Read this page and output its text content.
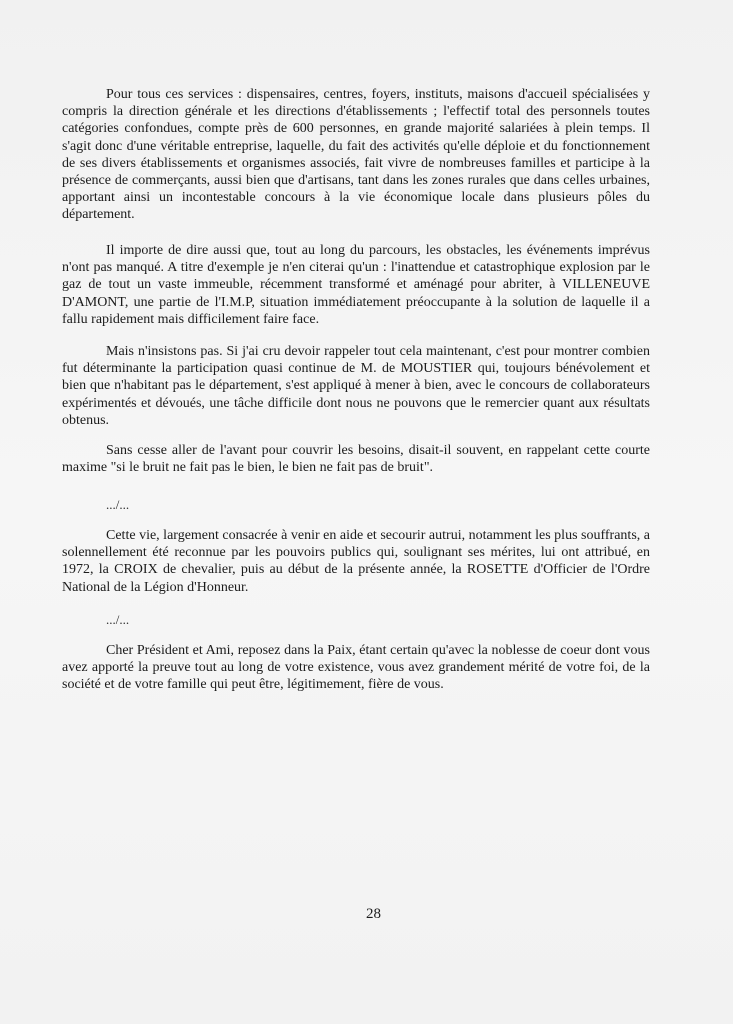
Pour tous ces services : dispensaires, centres, foyers, instituts, maisons d'accueil spécialisées y compris la direction générale et les directions d'établissements ; l'effectif total des personnels toutes catégories confondues, compte près de 600 personnes, en grande majorité salariées à plein temps. Il s'agit donc d'une véritable entreprise, laquelle, du fait des activités qu'elle déploie et du fonctionnement de ses divers établissements et organismes associés, fait vivre de nombreuses familles et participe à la présence de commerçants, aussi bien que d'artisans, tant dans les zones rurales que dans celles urbaines, apportant ainsi un incontestable concours à la vie économique locale dans plusieurs pôles du département.

Il importe de dire aussi que, tout au long du parcours, les obstacles, les événements imprévus n'ont pas manqué. A titre d'exemple je n'en citerai qu'un : l'inattendue et catastrophique explosion par le gaz de tout un vaste immeuble, récemment transformé et aménagé pour abriter, à VILLENEUVE D'AMONT, une partie de l'I.M.P, situation immédiatement préoccupante à la solution de laquelle il a fallu rapidement mais difficilement faire face.

Mais n'insistons pas. Si j'ai cru devoir rappeler tout cela maintenant, c'est pour montrer combien fut déterminante la participation quasi continue de M. de MOUSTIER qui, toujours bénévolement et bien que n'habitant pas le département, s'est appliqué à mener à bien, avec le concours de collaborateurs expérimentés et dévoués, une tâche difficile dont nous ne pouvons que le remercier quant aux résultats obtenus.

Sans cesse aller de l'avant pour couvrir les besoins, disait-il souvent, en rappelant cette courte maxime "si le bruit ne fait pas le bien, le bien ne fait pas de bruit".

.../...

Cette vie, largement consacrée à venir en aide et secourir autrui, notamment les plus souffrants, a solennellement été reconnue par les pouvoirs publics qui, soulignant ses mérites, lui ont attribué, en 1972, la CROIX de chevalier, puis au début de la présente année, la ROSETTE d'Officier de l'Ordre National de la Légion d'Honneur.

.../...

Cher Président et Ami, reposez dans la Paix, étant certain qu'avec la noblesse de coeur dont vous avez apporté la preuve tout au long de votre existence, vous avez grandement mérité de votre foi, de la société et de votre famille qui peut être, légitimement, fière de vous.

28
